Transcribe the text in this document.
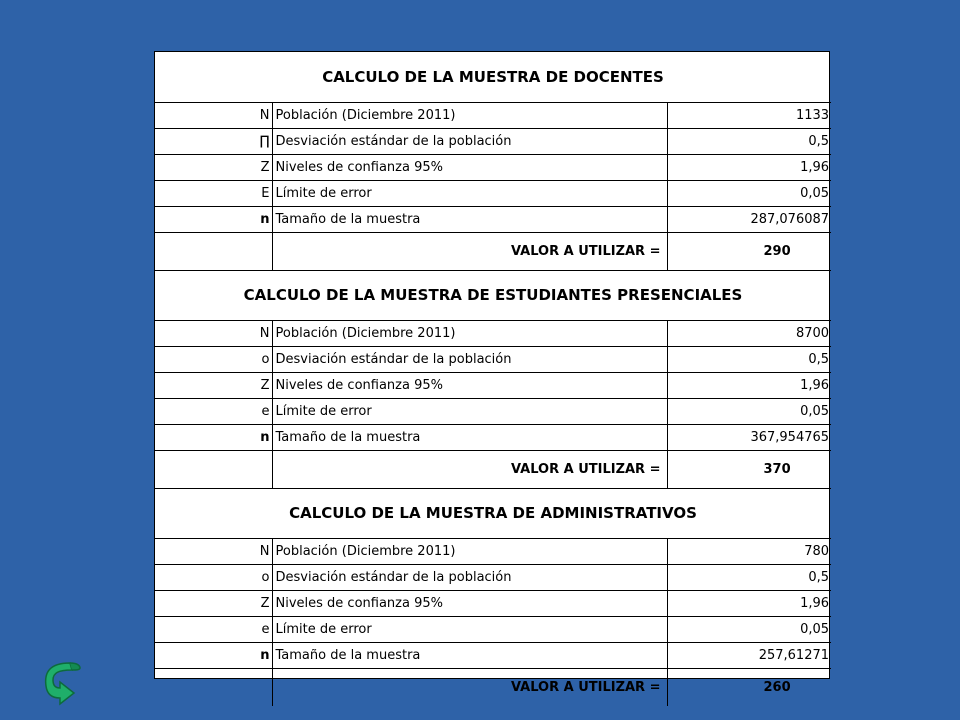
CALCULO DE LA MUESTRA DE DOCENTES		
N	Población (Diciembre 2011)	1133
∏	Desviación estándar de la población	0,5
Z	Niveles de confianza 95%	1,96
E	Límite de error	0,05
n	Tamaño de la muestra	287,076087
	VALOR A UTILIZAR =	290
CALCULO DE LA MUESTRA DE ESTUDIANTES PRESENCIALES		
N	Población (Diciembre 2011)	8700
o	Desviación estándar de la población	0,5
Z	Niveles de confianza 95%	1,96
e	Límite de error	0,05
n	Tamaño de la muestra	367,954765
	VALOR A UTILIZAR =	370
CALCULO DE LA MUESTRA DE ADMINISTRATIVOS		
N	Población (Diciembre 2011)	780
o	Desviación estándar de la población	0,5
Z	Niveles de confianza 95%	1,96
e	Límite de error	0,05
n	Tamaño de la muestra	257,61271
	VALOR A UTILIZAR =	260
